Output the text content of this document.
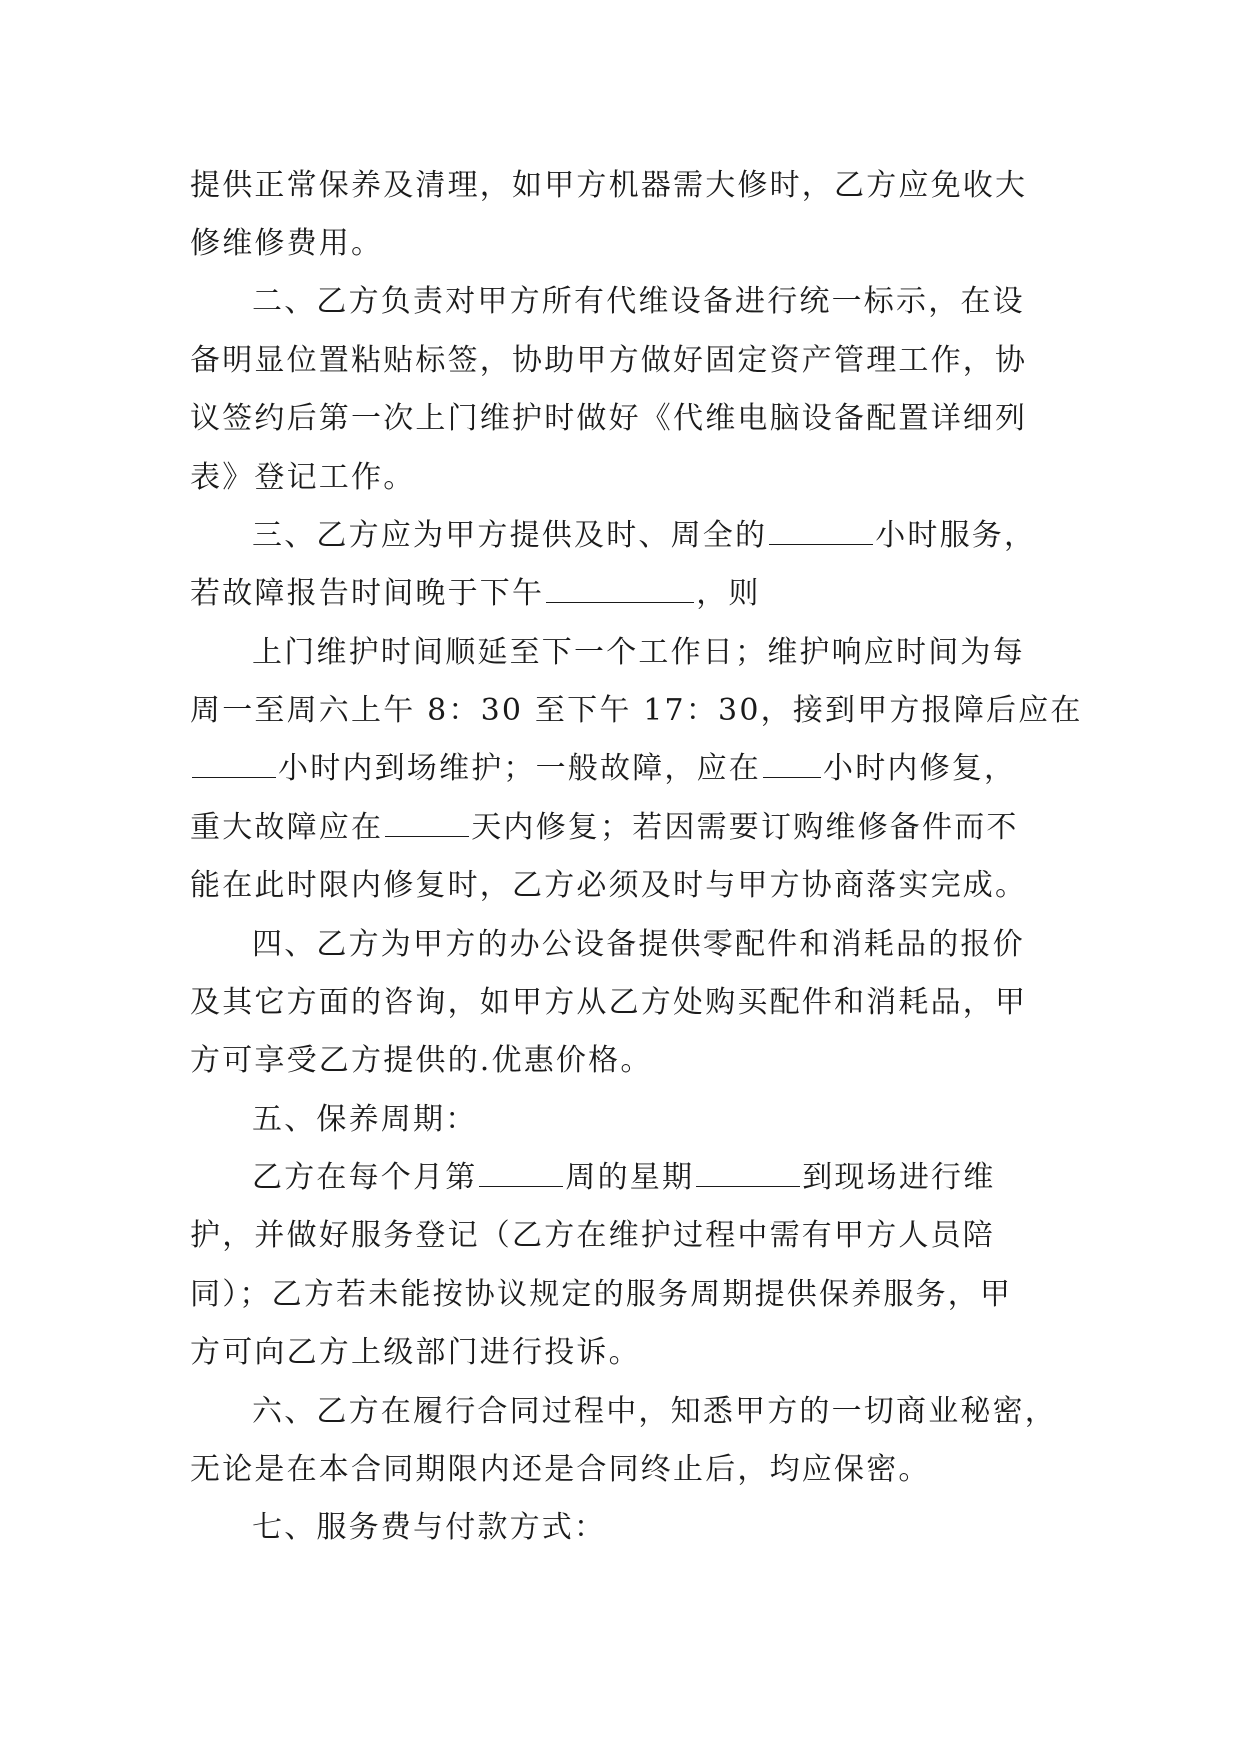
提供正常保养及清理，如甲方机器需大修时，乙方应免收大
修维修费用。
二、乙方负责对甲方所有代维设备进行统一标示，在设
备明显位置粘贴标签，协助甲方做好固定资产管理工作，协
议签约后第一次上门维护时做好《代维电脑设备配置详细列
表》登记工作。
三、乙方应为甲方提供及时、周全的	小时服务，
若故障报告时间晚于下午	，则
上门维护时间顺延至下一个工作日；维护响应时间为每
周一至周六上午 8：30 至下午 17：30，接到甲方报障后应在
小时内到场维护；一般故障，应在 小时内修复，
重大故障应在	天内修复；若因需要订购维修备件而不
能在此时限内修复时，乙方必须及时与甲方协商落实完成。
四、乙方为甲方的办公设备提供零配件和消耗品的报价
及其它方面的咨询，如甲方从乙方处购买配件和消耗品，甲
方可享受乙方提供的.优惠价格。
五、保养周期：
乙方在每个月第	周的星期	到现场进行维
护，并做好服务登记（乙方在维护过程中需有甲方人员陪
同）；乙方若未能按协议规定的服务周期提供保养服务，甲
方可向乙方上级部门进行投诉。
六、乙方在履行合同过程中，知悉甲方的一切商业秘密，
无论是在本合同期限内还是合同终止后，均应保密。
七、服务费与付款方式：
